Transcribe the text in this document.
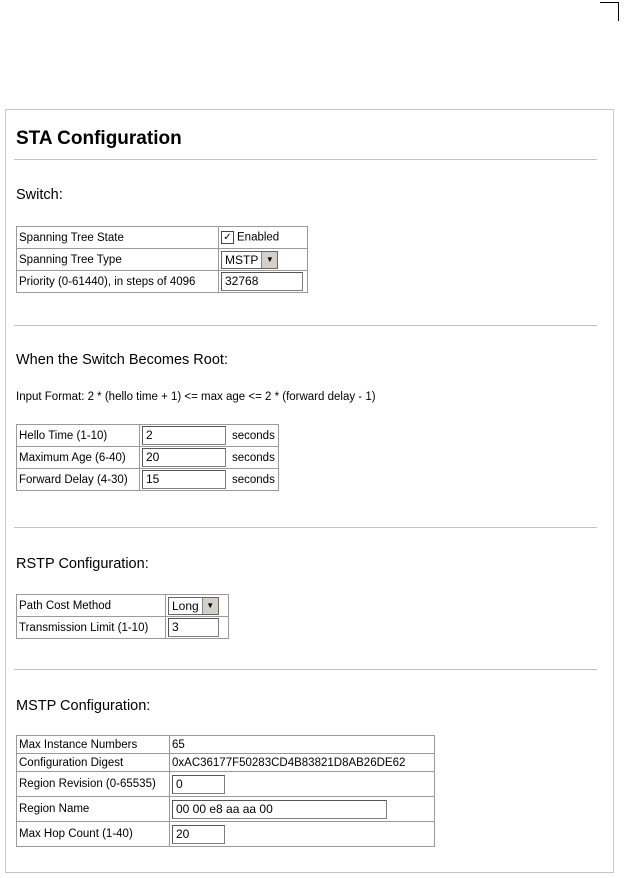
STA Configuration
Switch:
Spanning Tree State	✓ Enabled
Spanning Tree Type	MSTP ▼

Priority (0-61440), in steps of 4096	32768
When the Switch Becomes Root:
Input Format: 2 * (hello time + 1) <= max age <= 2 * (forward delay - 1)
Hello Time (1-10)	2 seconds
Maximum Age (6-40)	20 seconds
Forward Delay (4-30)	15 seconds
RSTP Configuration:
Path Cost Method	Long ▼

Transmission Limit (1-10)	3
MSTP Configuration:
Max Instance Numbers	65
Configuration Digest	0xAC36177F50283CD4B83821D8AB26DE62
Region Revision (0-65535)	0
Region Name	00 00 e8 aa aa 00
Max Hop Count (1-40)	20
